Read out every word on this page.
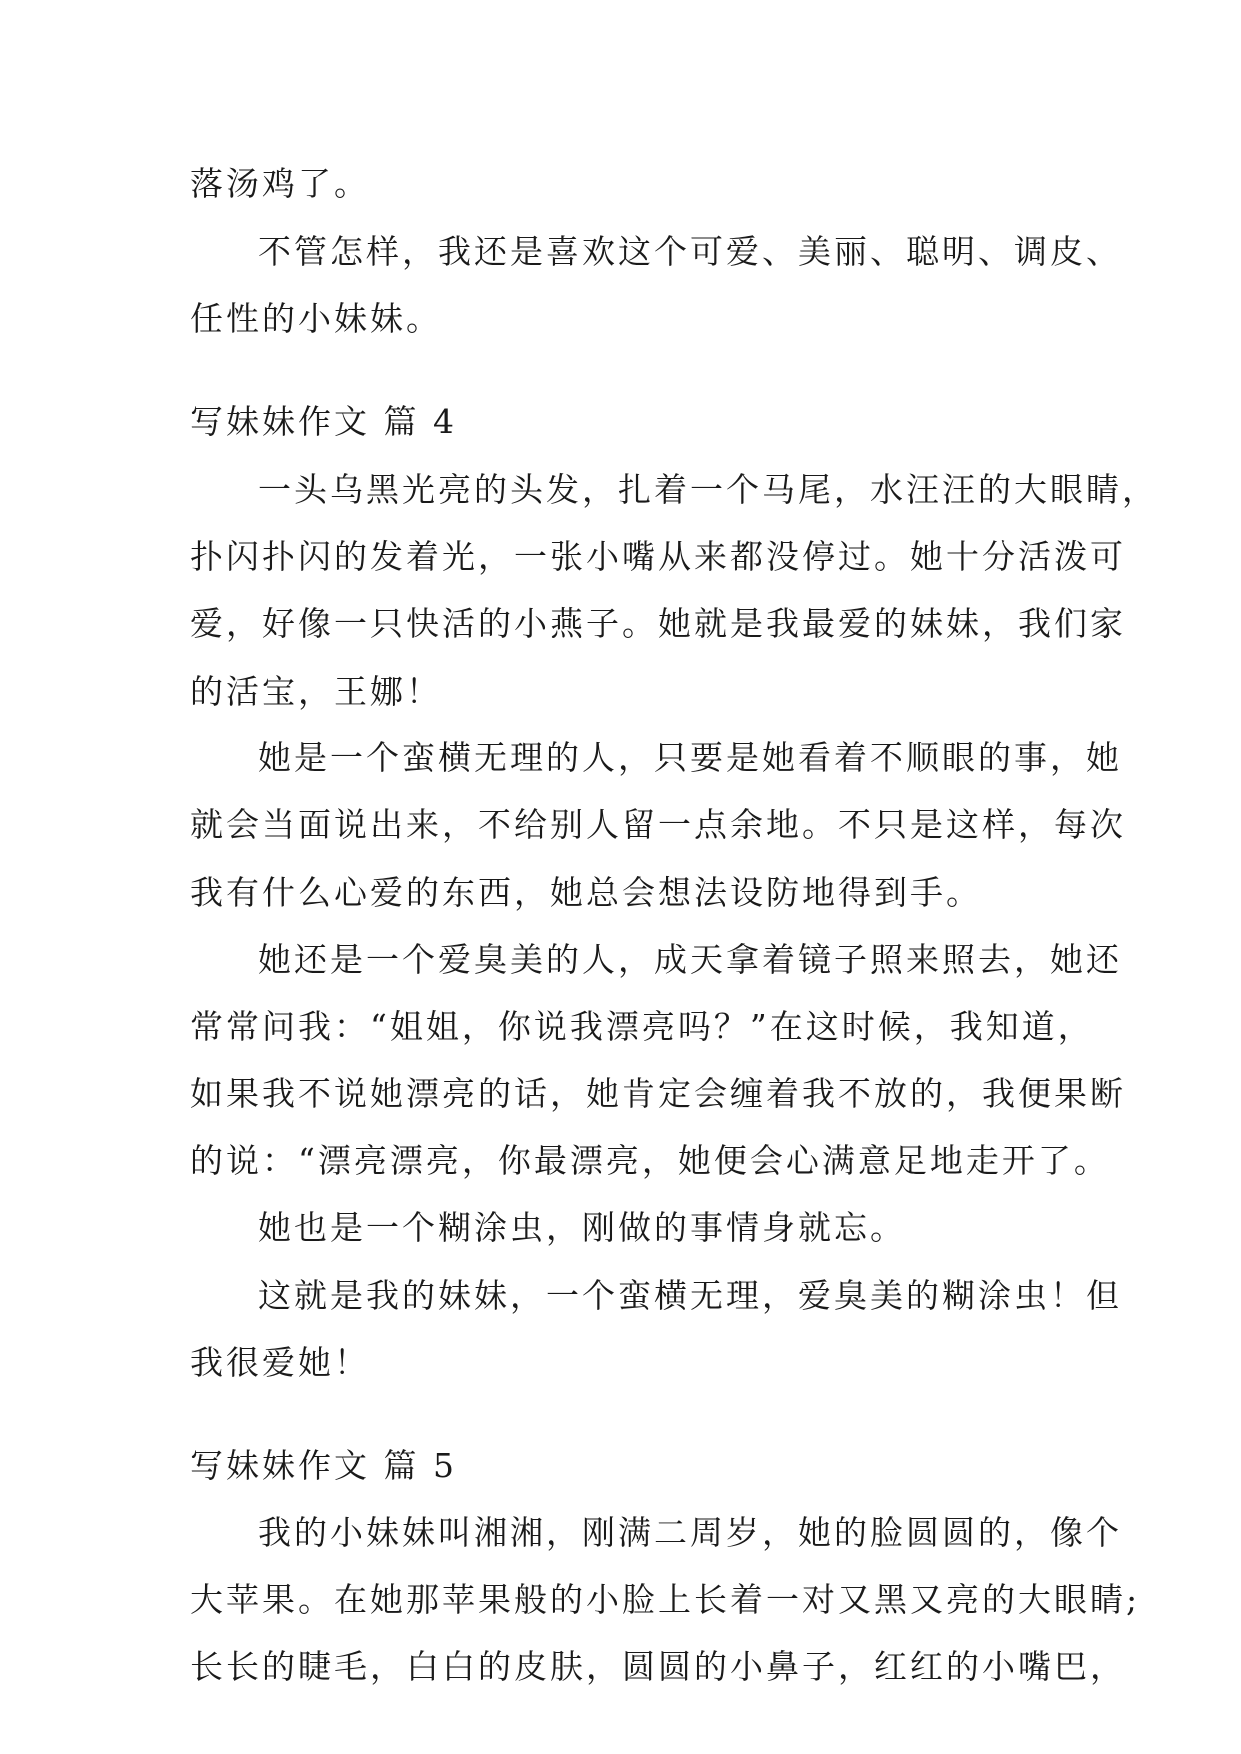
落汤鸡了。
不管怎样，我还是喜欢这个可爱、美丽、聪明、调皮、
任性的小妹妹。
写妹妹作文 篇 4
一头乌黑光亮的头发，扎着一个马尾，水汪汪的大眼睛，
扑闪扑闪的发着光，一张小嘴从来都没停过。她十分活泼可
爱，好像一只快活的小燕子。她就是我最爱的妹妹，我们家
的活宝，王娜！
她是一个蛮横无理的人，只要是她看着不顺眼的事，她
就会当面说出来，不给别人留一点余地。不只是这样，每次
我有什么心爱的东西，她总会想法设防地得到手。
她还是一个爱臭美的人，成天拿着镜子照来照去，她还
常常问我：“姐姐，你说我漂亮吗？”在这时候，我知道，
如果我不说她漂亮的话，她肯定会缠着我不放的，我便果断
的说：“漂亮漂亮，你最漂亮，她便会心满意足地走开了。
她也是一个糊涂虫，刚做的事情身就忘。
这就是我的妹妹，一个蛮横无理，爱臭美的糊涂虫！但
我很爱她！
写妹妹作文 篇 5
我的小妹妹叫湘湘，刚满二周岁，她的脸圆圆的，像个
大苹果。在她那苹果般的小脸上长着一对又黑又亮的大眼睛;
长长的睫毛，白白的皮肤，圆圆的小鼻子，红红的小嘴巴，
